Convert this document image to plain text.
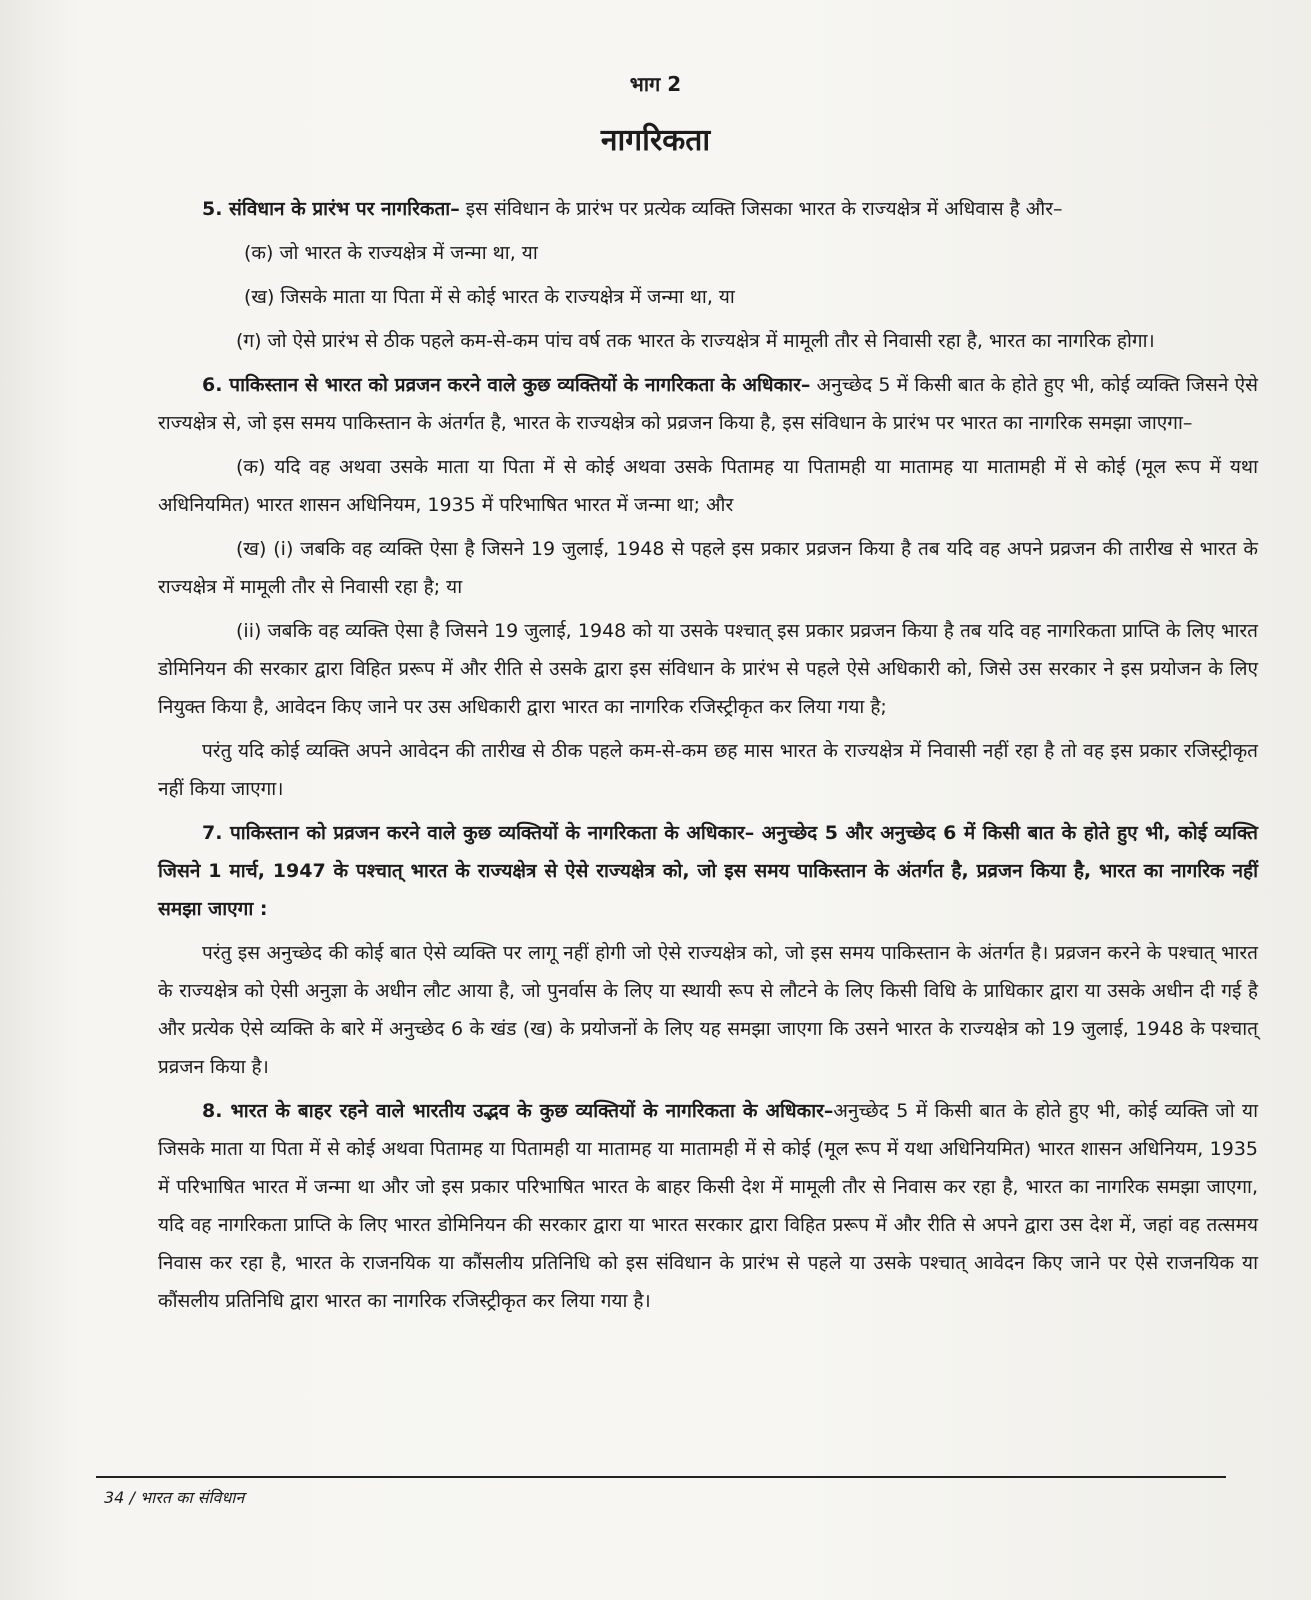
भाग 2
नागरिकता

5. संविधान के प्रारंभ पर नागरिकता– इस संविधान के प्रारंभ पर प्रत्येक व्यक्ति जिसका भारत के राज्यक्षेत्र में अधिवास है और–

(क) जो भारत के राज्यक्षेत्र में जन्मा था, या

(ख) जिसके माता या पिता में से कोई भारत के राज्यक्षेत्र में जन्मा था, या

(ग) जो ऐसे प्रारंभ से ठीक पहले कम-से-कम पांच वर्ष तक भारत के राज्यक्षेत्र में मामूली तौर से निवासी रहा है, भारत का नागरिक होगा।

6. पाकिस्तान से भारत को प्रव्रजन करने वाले कुछ व्यक्तियों के नागरिकता के अधिकार– अनुच्छेद 5 में किसी बात के होते हुए भी, कोई व्यक्ति जिसने ऐसे राज्यक्षेत्र से, जो इस समय पाकिस्तान के अंतर्गत है, भारत के राज्यक्षेत्र को प्रव्रजन किया है, इस संविधान के प्रारंभ पर भारत का नागरिक समझा जाएगा–

(क) यदि वह अथवा उसके माता या पिता में से कोई अथवा उसके पितामह या पितामही या मातामह या मातामही में से कोई (मूल रूप में यथा अधिनियमित) भारत शासन अधिनियम, 1935 में परिभाषित भारत में जन्मा था; और

(ख) (i) जबकि वह व्यक्ति ऐसा है जिसने 19 जुलाई, 1948 से पहले इस प्रकार प्रव्रजन किया है तब यदि वह अपने प्रव्रजन की तारीख से भारत के राज्यक्षेत्र में मामूली तौर से निवासी रहा है; या

(ii) जबकि वह व्यक्ति ऐसा है जिसने 19 जुलाई, 1948 को या उसके पश्चात् इस प्रकार प्रव्रजन किया है तब यदि वह नागरिकता प्राप्ति के लिए भारत डोमिनियन की सरकार द्वारा विहित प्ररूप में और रीति से उसके द्वारा इस संविधान के प्रारंभ से पहले ऐसे अधिकारी को, जिसे उस सरकार ने इस प्रयोजन के लिए नियुक्त किया है, आवेदन किए जाने पर उस अधिकारी द्वारा भारत का नागरिक रजिस्ट्रीकृत कर लिया गया है;

परंतु यदि कोई व्यक्ति अपने आवेदन की तारीख से ठीक पहले कम-से-कम छह मास भारत के राज्यक्षेत्र में निवासी नहीं रहा है तो वह इस प्रकार रजिस्ट्रीकृत नहीं किया जाएगा।

7. पाकिस्तान को प्रव्रजन करने वाले कुछ व्यक्तियों के नागरिकता के अधिकार– अनुच्छेद 5 और अनुच्छेद 6 में किसी बात के होते हुए भी, कोई व्यक्ति जिसने 1 मार्च, 1947 के पश्चात् भारत के राज्यक्षेत्र से ऐसे राज्यक्षेत्र को, जो इस समय पाकिस्तान के अंतर्गत है, प्रव्रजन किया है, भारत का नागरिक नहीं समझा जाएगा :

परंतु इस अनुच्छेद की कोई बात ऐसे व्यक्ति पर लागू नहीं होगी जो ऐसे राज्यक्षेत्र को, जो इस समय पाकिस्तान के अंतर्गत है। प्रव्रजन करने के पश्चात् भारत के राज्यक्षेत्र को ऐसी अनुज्ञा के अधीन लौट आया है, जो पुनर्वास के लिए या स्थायी रूप से लौटने के लिए किसी विधि के प्राधिकार द्वारा या उसके अधीन दी गई है और प्रत्येक ऐसे व्यक्ति के बारे में अनुच्छेद 6 के खंड (ख) के प्रयोजनों के लिए यह समझा जाएगा कि उसने भारत के राज्यक्षेत्र को 19 जुलाई, 1948 के पश्चात् प्रव्रजन किया है।

8. भारत के बाहर रहने वाले भारतीय उद्भव के कुछ व्यक्तियों के नागरिकता के अधिकार–अनुच्छेद 5 में किसी बात के होते हुए भी, कोई व्यक्ति जो या जिसके माता या पिता में से कोई अथवा पितामह या पितामही या मातामह या मातामही में से कोई (मूल रूप में यथा अधिनियमित) भारत शासन अधिनियम, 1935 में परिभाषित भारत में जन्मा था और जो इस प्रकार परिभाषित भारत के बाहर किसी देश में मामूली तौर से निवास कर रहा है, भारत का नागरिक समझा जाएगा, यदि वह नागरिकता प्राप्ति के लिए भारत डोमिनियन की सरकार द्वारा या भारत सरकार द्वारा विहित प्ररूप में और रीति से अपने द्वारा उस देश में, जहां वह तत्समय निवास कर रहा है, भारत के राजनयिक या कौंसलीय प्रतिनिधि को इस संविधान के प्रारंभ से पहले या उसके पश्चात् आवेदन किए जाने पर ऐसे राजनयिक या कौंसलीय प्रतिनिधि द्वारा भारत का नागरिक रजिस्ट्रीकृत कर लिया गया है।

34 / भारत का संविधान
